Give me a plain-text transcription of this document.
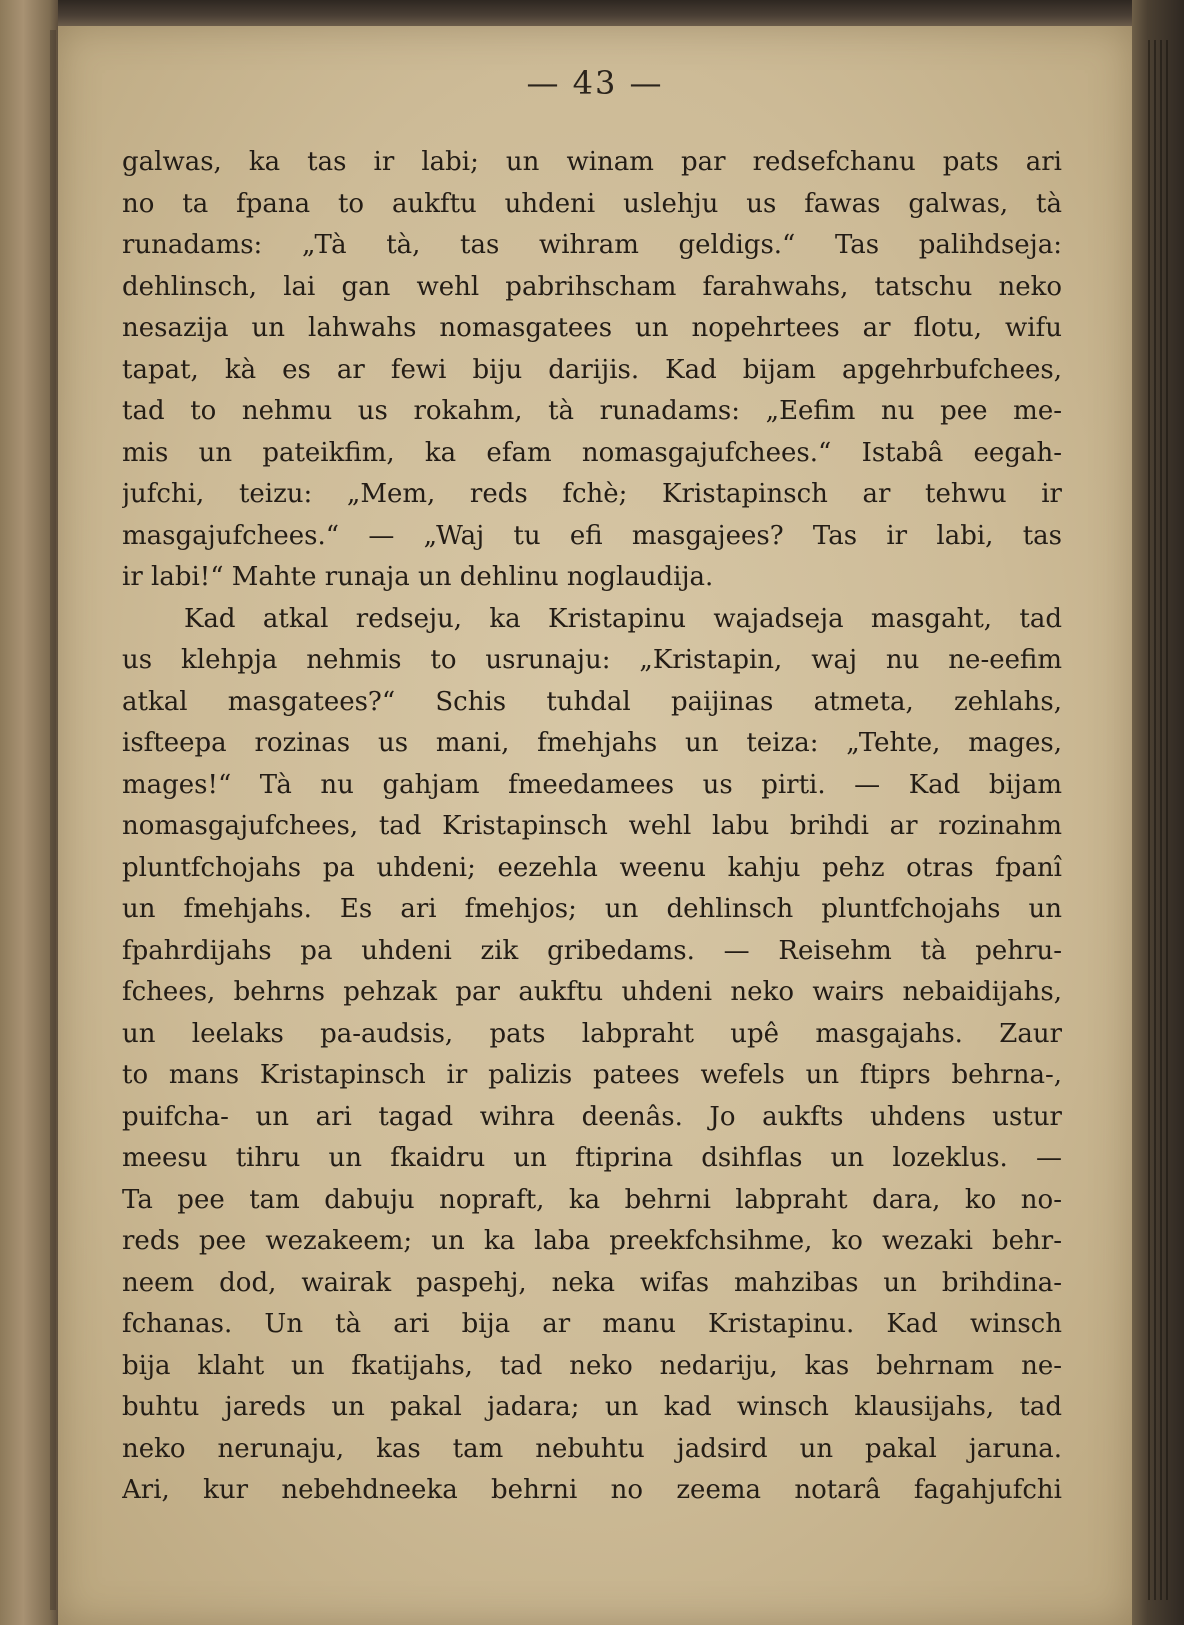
— 43 —
galwas, ka tas ir labi; un winam par redsefchanu pats ari
no ta fpana to aukftu uhdeni uslehju us fawas galwas, tà
runadams: „Tà tà, tas wihram geldigs.“ Tas palihdseja:
dehlinsch, lai gan wehl pabrihscham farahwahs, tatschu neko
nesazija un lahwahs nomasgatees un nopehrtees ar flotu, wifu
tapat, kà es ar fewi biju darijis. Kad bijam apgehrbufchees,
tad to nehmu us rokahm, tà runadams: „Eefim nu pee me-
mis un pateikfim, ka efam nomasgajufchees.“ Istabâ eegah-
jufchi, teizu: „Mem, reds fchè; Kristapinsch ar tehwu ir
masgajufchees.“ — „Waj tu efi masgajees? Tas ir labi, tas
ir labi!“ Mahte runaja un dehlinu noglaudija.
Kad atkal redseju, ka Kristapinu wajadseja masgaht, tad
us klehpja nehmis to usrunaju: „Kristapin, waj nu ne-eefim
atkal masgatees?“ Schis tuhdal paijinas atmeta, zehlahs,
isfteepa rozinas us mani, fmehjahs un teiza: „Tehte, mages,
mages!“ Tà nu gahjam fmeedamees us pirti. — Kad bijam
nomasgajufchees, tad Kristapinsch wehl labu brihdi ar rozinahm
pluntfchojahs pa uhdeni; eezehla weenu kahju pehz otras fpanî
un fmehjahs. Es ari fmehjos; un dehlinsch pluntfchojahs un
fpahrdijahs pa uhdeni zik gribedams. — Reisehm tà pehru-
fchees, behrns pehzak par aukftu uhdeni neko wairs nebaidijahs,
un leelaks pa-audsis, pats labpraht upê masgajahs. Zaur
to mans Kristapinsch ir palizis patees wefels un ftiprs behrna-,
puifcha- un ari tagad wihra deenâs. Jo aukfts uhdens ustur
meesu tihru un fkaidru un ftiprina dsihflas un lozeklus. —
Ta pee tam dabuju nopraft, ka behrni labpraht dara, ko no-
reds pee wezakeem; un ka laba preekfchsihme, ko wezaki behr-
neem dod, wairak paspehj, neka wifas mahzibas un brihdina-
fchanas. Un tà ari bija ar manu Kristapinu. Kad winsch
bija klaht un fkatijahs, tad neko nedariju, kas behrnam ne-
buhtu jareds un pakal jadara; un kad winsch klausijahs, tad
neko nerunaju, kas tam nebuhtu jadsird un pakal jaruna.
Ari, kur nebehdneeka behrni no zeema notarâ fagahjufchi
